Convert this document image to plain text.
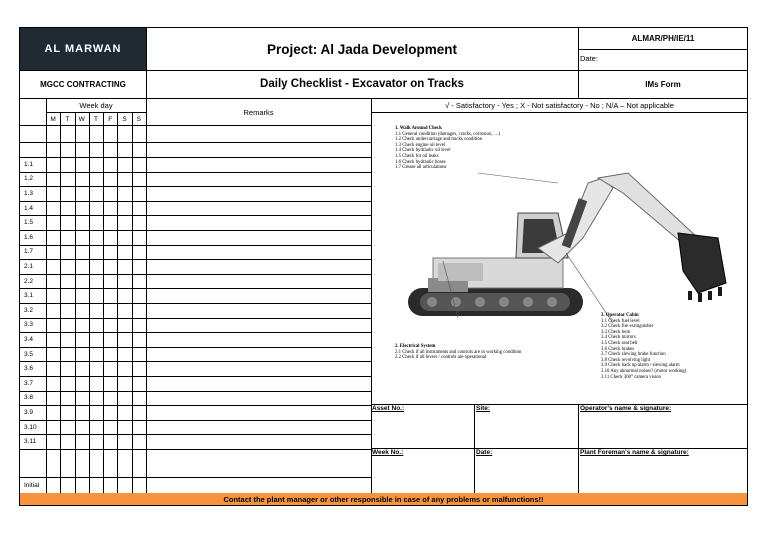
AL MARWAN	Project: Al Jada Development
ALMAR/PH/IE/11
Date:
MGCC CONTRACTING	Daily Checklist - Excavator on Tracks	IMs Form
Week day
Remarks
√ - Satisfactory - Yes ; X - Not satisfactory - No ; N/A – Not applicable
M	T	W	T	F	S	S
1.1
1.2
1.3
1.4
1.5
1.6
1.7
2.1
2.2
3.1
3.2
3.3
3.4
3.5
3.6
3.7
3.8
3.9
3.10
3.11
Initial
1. Walk Around Check
1.1 General condition (damages, cracks, corrosion, …)
1.2 Check undercarriage and tracks condition
1.3 Check engine oil level
1.4 Check hydraulic oil level
1.5 Check for oil leaks
1.6 Check hydraulic hoses
1.7 Grease all articulations
2. Electrical System
2.1 Check if all instruments and controls are in working condition
2.2 Check if all levers / controls are operational
3. Operator Cabin
3.1 Check fuel level
3.2 Check fire extinguisher
3.3 Check horn
3.4 Check mirrors
3.5 Check seat belt
3.6 Check brakes
3.7 Check slewing brake function
3.8 Check revolving light
3.9 Check back up alarm / slewing alarm
3.10 Any abnormal noises? (motor working)
3.11 Check 360° camera vision
Asset No.:	Site:	Operator's name & signature:
Week No.:	Date:	Plant Foreman's name & signature:
Contact the plant manager or other responsible in case of any problems or malfunctions!!
